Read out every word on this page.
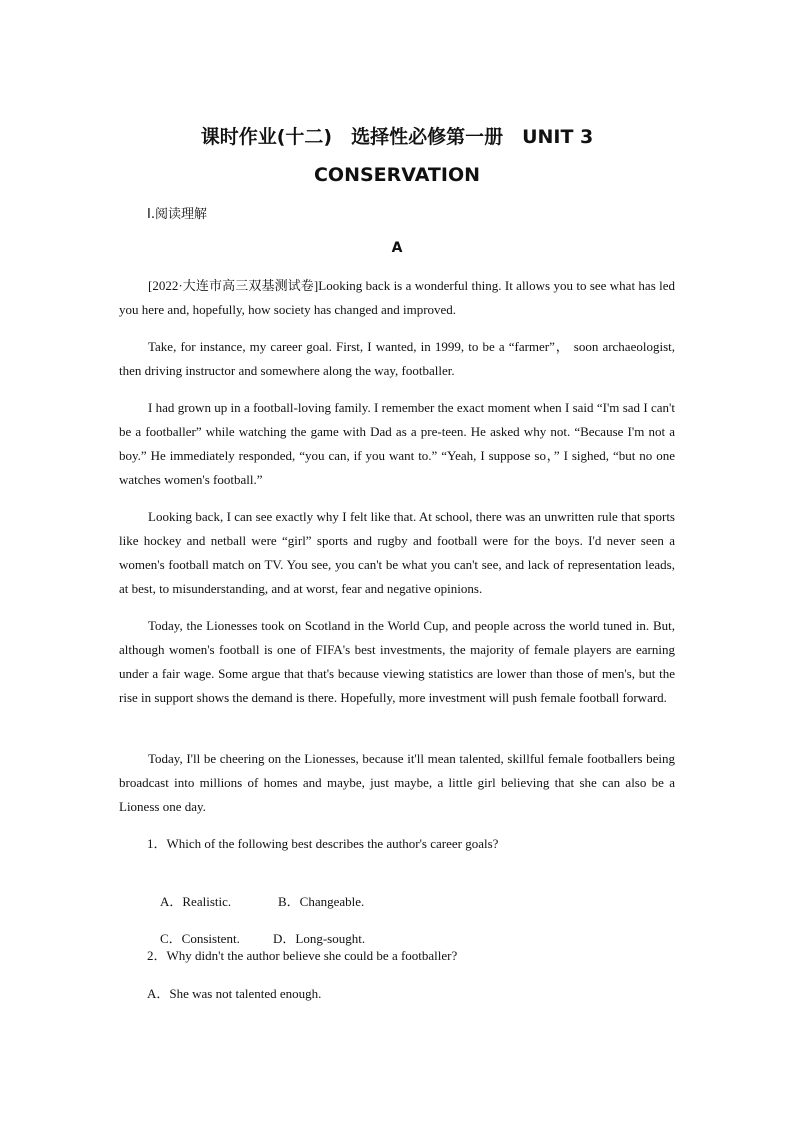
课时作业(十二)　选择性必修第一册　UNIT 3
CONSERVATION
Ⅰ.阅读理解
A

[2022·大连市高三双基测试卷]Looking back is a wonderful thing. It allows you to see what has led you here and, hopefully, how society has changed and improved.

Take, for instance, my career goal. First, I wanted, in 1999, to be a “farmer”， soon archaeologist, then driving instructor and somewhere along the way, footballer.

I had grown up in a football-loving family. I remember the exact moment when I said “I'm sad I can't be a footballer” while watching the game with Dad as a pre-teen. He asked why not. “Because I'm not a boy.” He immediately responded, “you can, if you want to.” “Yeah, I suppose so，” I sighed, “but no one watches women's football.”

Looking back, I can see exactly why I felt like that. At school, there was an unwritten rule that sports like hockey and netball were “girl” sports and rugby and football were for the boys. I'd never seen a women's football match on TV. You see, you can't be what you can't see, and lack of representation leads, at best, to misunderstanding, and at worst, fear and negative opinions.

Today, the Lionesses took on Scotland in the World Cup, and people across the world tuned in. But, although women's football is one of FIFA's best investments, the majority of female players are earning under a fair wage. Some argue that that's because viewing statistics are lower than those of men's, but the rise in support shows the demand is there. Hopefully, more investment will push female football forward.

Today, I'll be cheering on the Lionesses, because it'll mean talented, skillful female footballers being broadcast into millions of homes and maybe, just maybe, a little girl believing that she can also be a Lioness one day.

1．Which of the following best describes the author's career goals?

A．Realistic.	B．Changeable.

C．Consistent.	D．Long-sought.

2．Why didn't the author believe she could be a footballer?
A．She was not talented enough.
